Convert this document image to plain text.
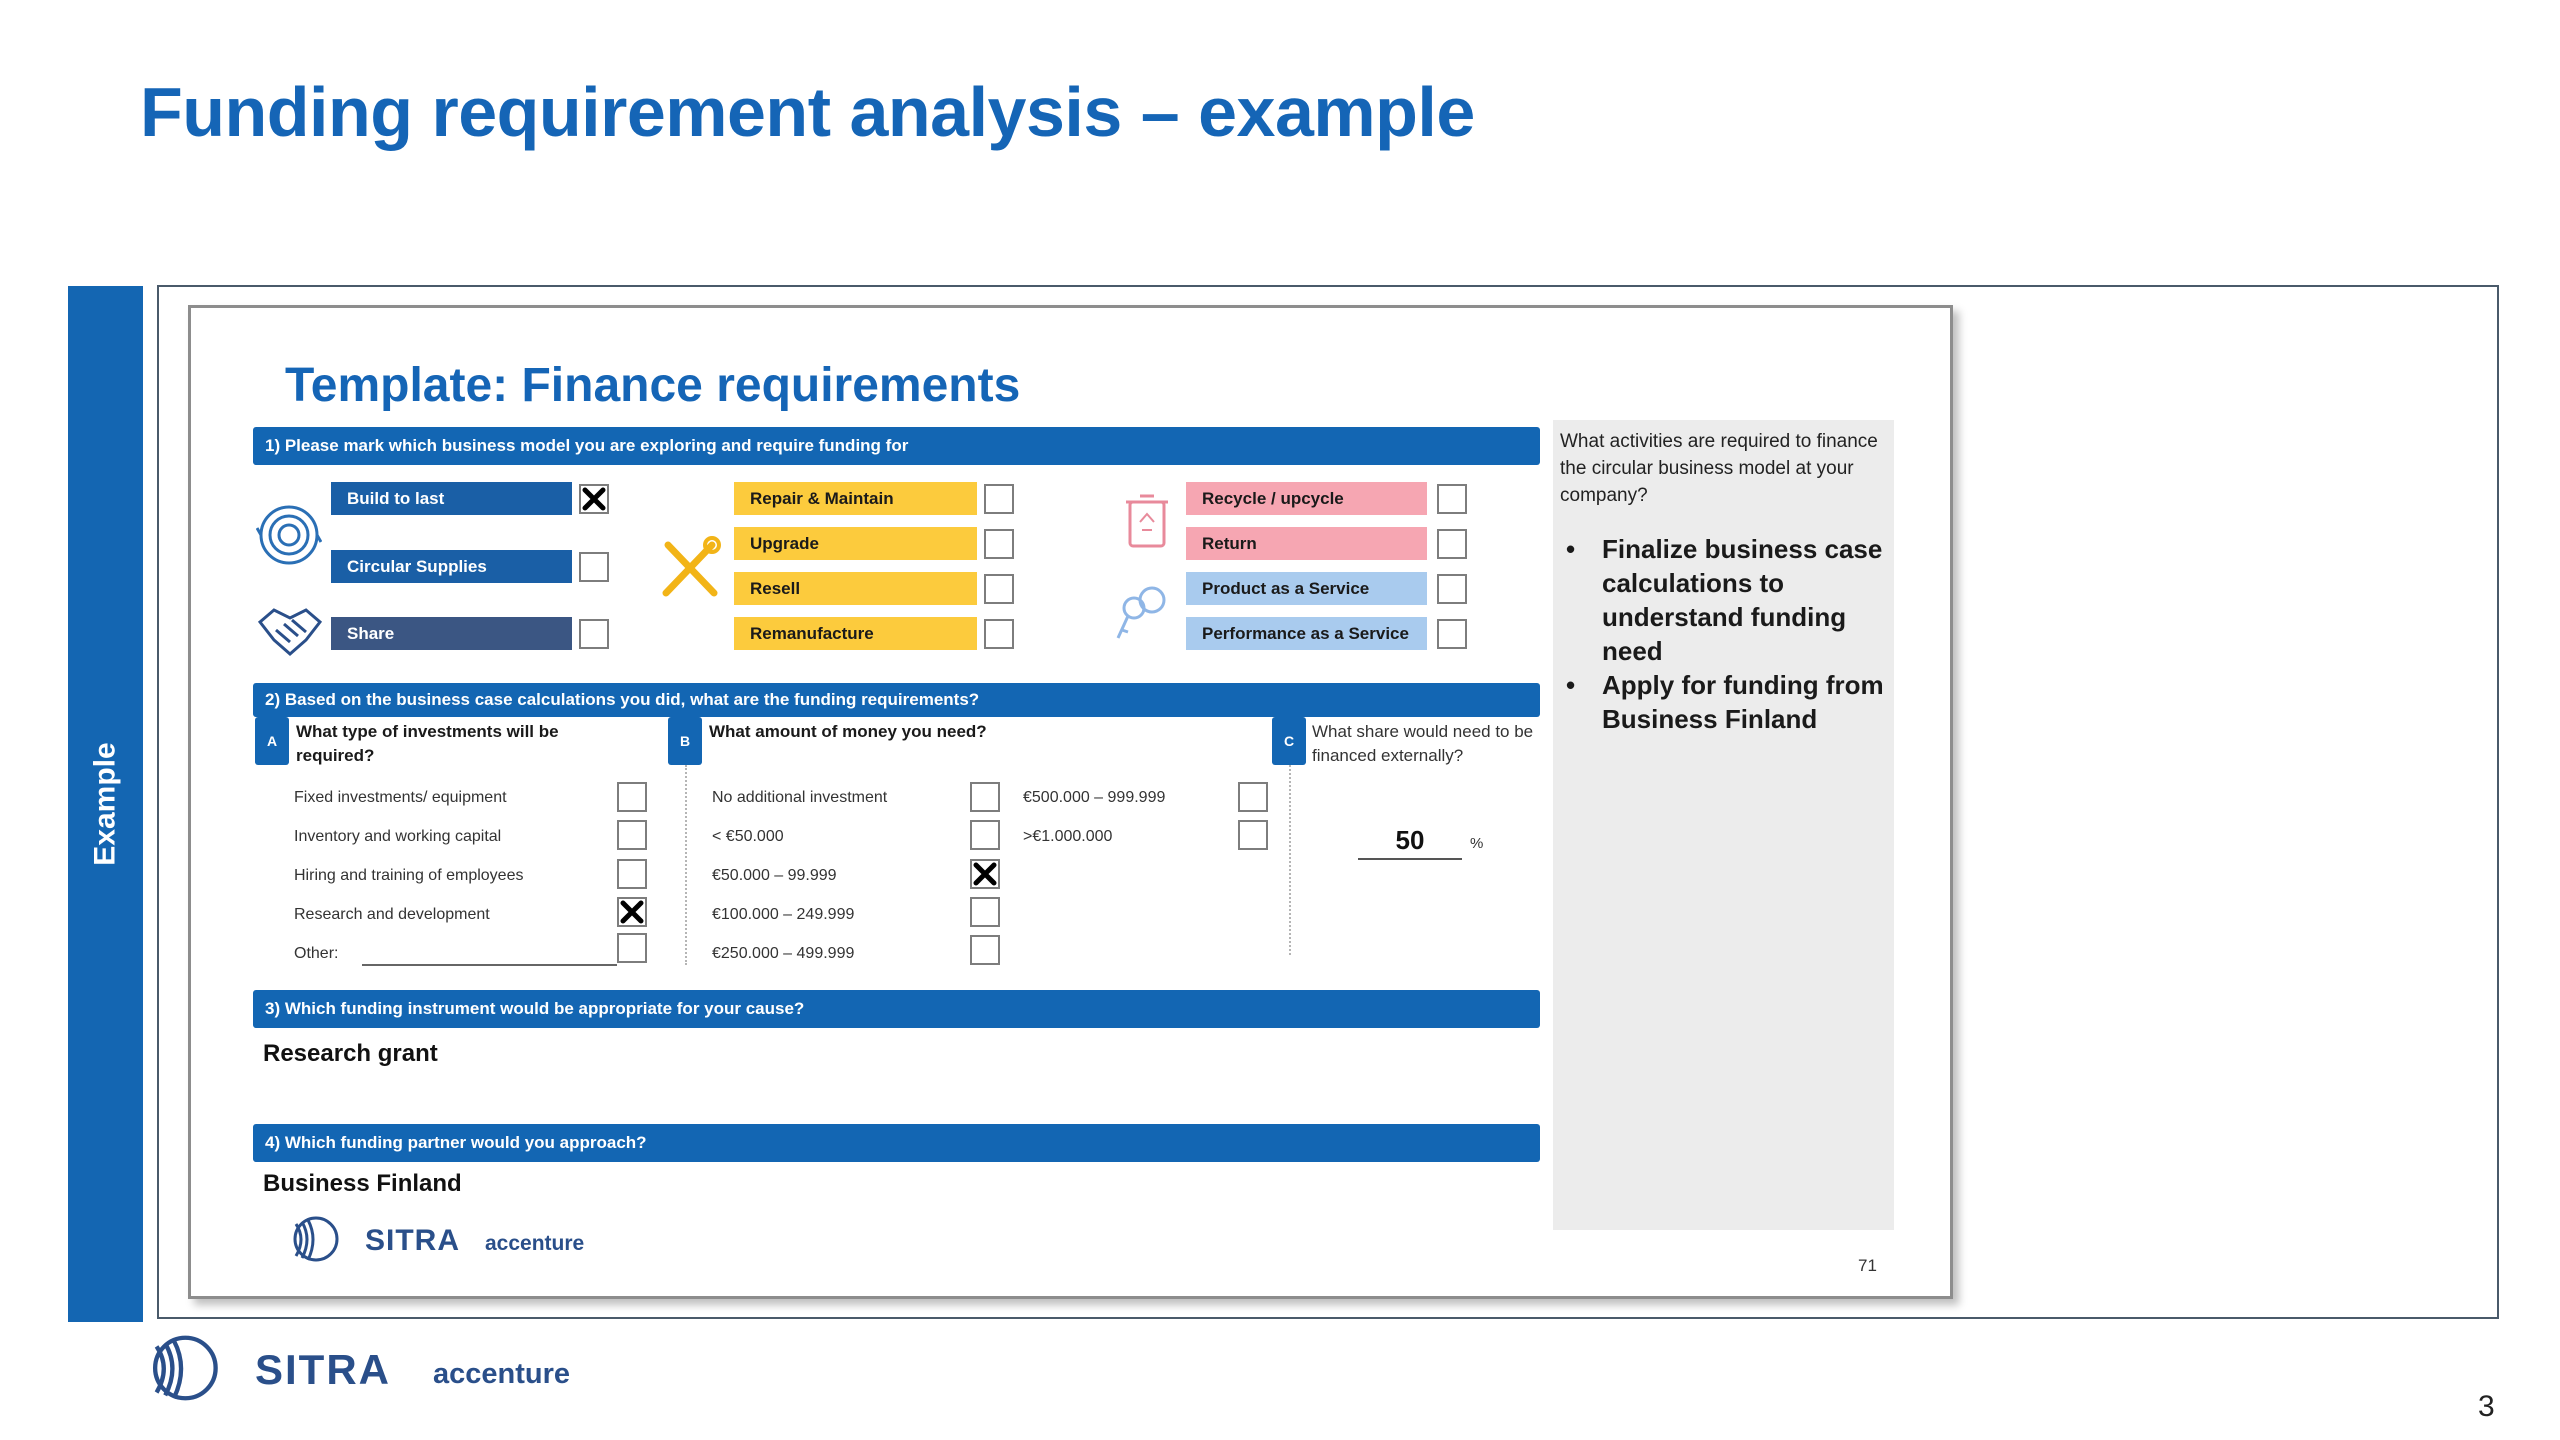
Funding requirement analysis – example
Example
Template: Finance requirements
1) Please mark which business model you are exploring and require funding for
Build to last
Circular Supplies
Share
Repair & Maintain
Upgrade
Resell
Remanufacture
Recycle / upcycle
Return
Product as a Service
Performance as a Service
2) Based on the business case calculations you did, what are the funding requirements?
A	What type of investments will be required?
Fixed investments/ equipment
Inventory and working capital
Hiring and training of employees
Research and development
Other:
B	What amount of money you need?
No additional investment
< €50.000
€50.000 – 99.999
€100.000 – 249.999
€250.000 – 499.999
€500.000 – 999.999
>€1.000.000
C	What share would need to be financed externally?
50	%
3) Which funding instrument would be appropriate for your cause?
Research grant
4) Which funding partner would you approach?
Business Finland
What activities are required to finance the circular business model at your company?
• Finalize business case calculations to understand funding need
• Apply for funding from Business Finland
SITRA accenture
71
SITRA accenture
3
